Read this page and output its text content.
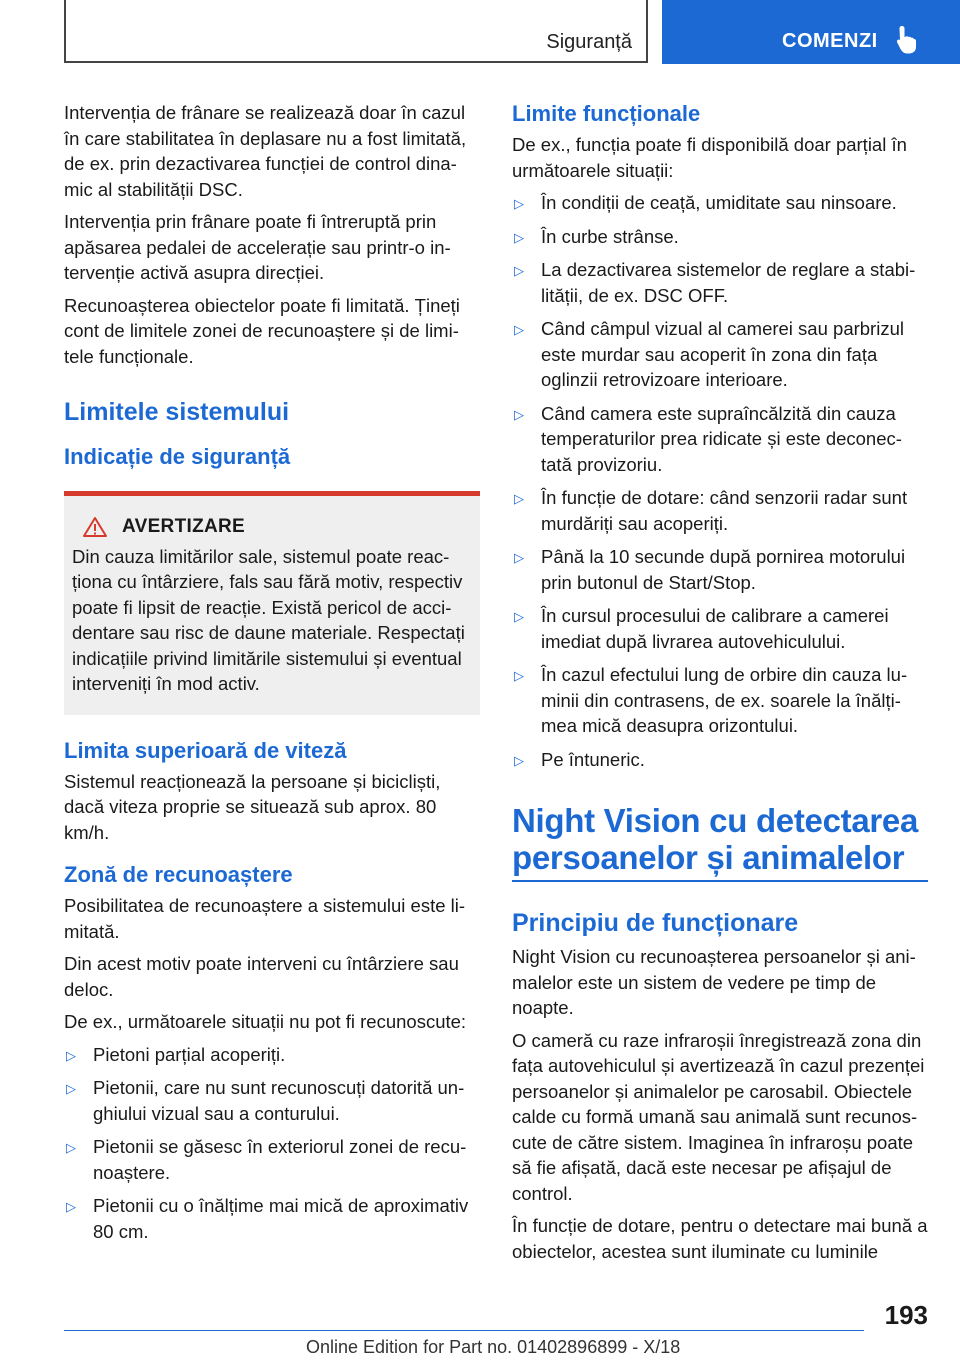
Siguranță	COMENZI

Intervenția de frânare se realizează doar în cazul în care stabilitatea în deplasare nu a fost limitată, de ex. prin dezactivarea funcției de control dina-mic al stabilității DSC.

Intervenția prin frânare poate fi întreruptă prin apăsarea pedalei de accelerație sau printr-o in-tervenție activă asupra direcției.

Recunoașterea obiectelor poate fi limitată. Țineți cont de limitele zonei de recunoaștere și de limi-tele funcționale.

Limitele sistemului
Indicație de siguranță
AVERTIZARE
Din cauza limitărilor sale, sistemul poate reac-ționa cu întârziere, fals sau fără motiv, respectiv poate fi lipsit de reacție. Există pericol de acci-dentare sau risc de daune materiale. Respectați indicațiile privind limitările sistemului și eventual interveniți în mod activ.
Limita superioară de viteză

Sistemul reacționează la persoane și bicicliști, dacă viteza proprie se situează sub aprox. 80 km/h.

Zonă de recunoaștere

Posibilitatea de recunoaștere a sistemului este li-mitată.

Din acest motiv poate interveni cu întârziere sau deloc.

De ex., următoarele situații nu pot fi recunoscute:

▷ Pietoni parțial acoperiți.
▷ Pietonii, care nu sunt recunoscuți datorită un-ghiului vizual sau a conturului.
▷ Pietonii se găsesc în exteriorul zonei de recu-noaștere.
▷ Pietonii cu o înălțime mai mică de aproximativ 80 cm.
Limite funcționale

De ex., funcția poate fi disponibilă doar parțial în următoarele situații:

▷ În condiții de ceață, umiditate sau ninsoare.
▷ În curbe strânse.
▷ La dezactivarea sistemelor de reglare a stabi-lității, de ex. DSC OFF.
▷ Când câmpul vizual al camerei sau parbrizul este murdar sau acoperit în zona din fața oglinzii retrovizoare interioare.
▷ Când camera este supraîncălzită din cauza temperaturilor prea ridicate și este deconec-tată provizoriu.
▷ În funcție de dotare: când senzorii radar sunt murdăriți sau acoperiți.
▷ Până la 10 secunde după pornirea motorului prin butonul de Start/Stop.
▷ În cursul procesului de calibrare a camerei imediat după livrarea autovehiculului.
▷ În cazul efectului lung de orbire din cauza lu-minii din contrasens, de ex. soarele la înălți-mea mică deasupra orizontului.
▷ Pe întuneric.
Night Vision cu detectarea persoanelor și animalelor
Principiu de funcționare

Night Vision cu recunoașterea persoanelor și ani-malelor este un sistem de vedere pe timp de noapte.

O cameră cu raze infraroșii înregistrează zona din fața autovehiculul și avertizează în cazul prezenței persoanelor și animalelor pe carosabil. Obiectele calde cu formă umană sau animală sunt recunos-cute de către sistem. Imaginea în infraroșu poate să fie afișată, dacă este necesar pe afișajul de control.

În funcție de dotare, pentru o detectare mai bună a obiectelor, acestea sunt iluminate cu luminile

193
Online Edition for Part no. 01402896899 - X/18
